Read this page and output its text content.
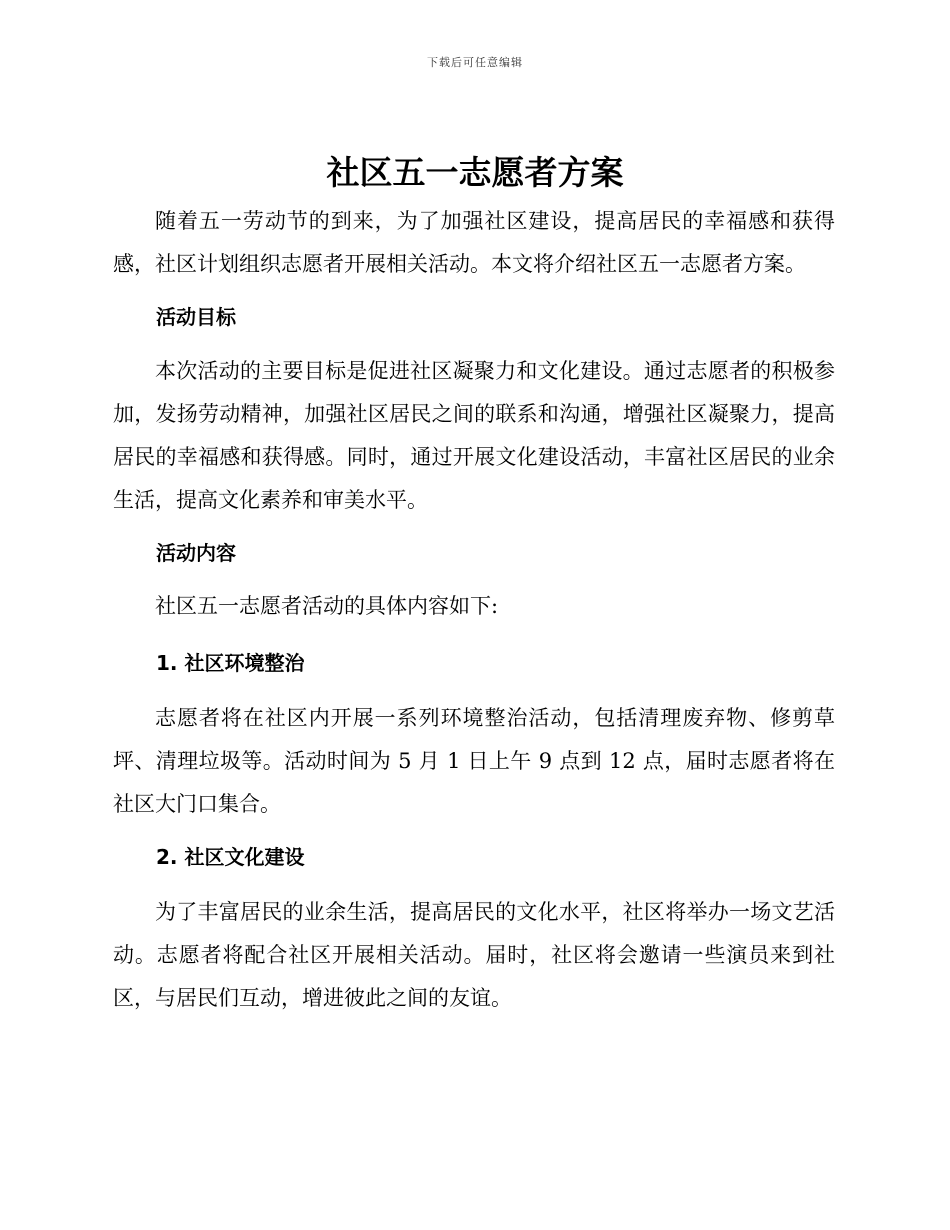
下载后可任意编辑
社区五一志愿者方案

随着五一劳动节的到来，为了加强社区建设，提高居民的幸福感和获得感，社区计划组织志愿者开展相关活动。本文将介绍社区五一志愿者方案。

活动目标

本次活动的主要目标是促进社区凝聚力和文化建设。通过志愿者的积极参加，发扬劳动精神，加强社区居民之间的联系和沟通，增强社区凝聚力，提高居民的幸福感和获得感。同时，通过开展文化建设活动，丰富社区居民的业余生活，提高文化素养和审美水平。

活动内容

社区五一志愿者活动的具体内容如下:

1. 社区环境整治

志愿者将在社区内开展一系列环境整治活动，包括清理废弃物、修剪草坪、清理垃圾等。活动时间为 5 月 1 日上午 9 点到 12 点，届时志愿者将在社区大门口集合。

2. 社区文化建设

为了丰富居民的业余生活，提高居民的文化水平，社区将举办一场文艺活动。志愿者将配合社区开展相关活动。届时，社区将会邀请一些演员来到社区，与居民们互动，增进彼此之间的友谊。
